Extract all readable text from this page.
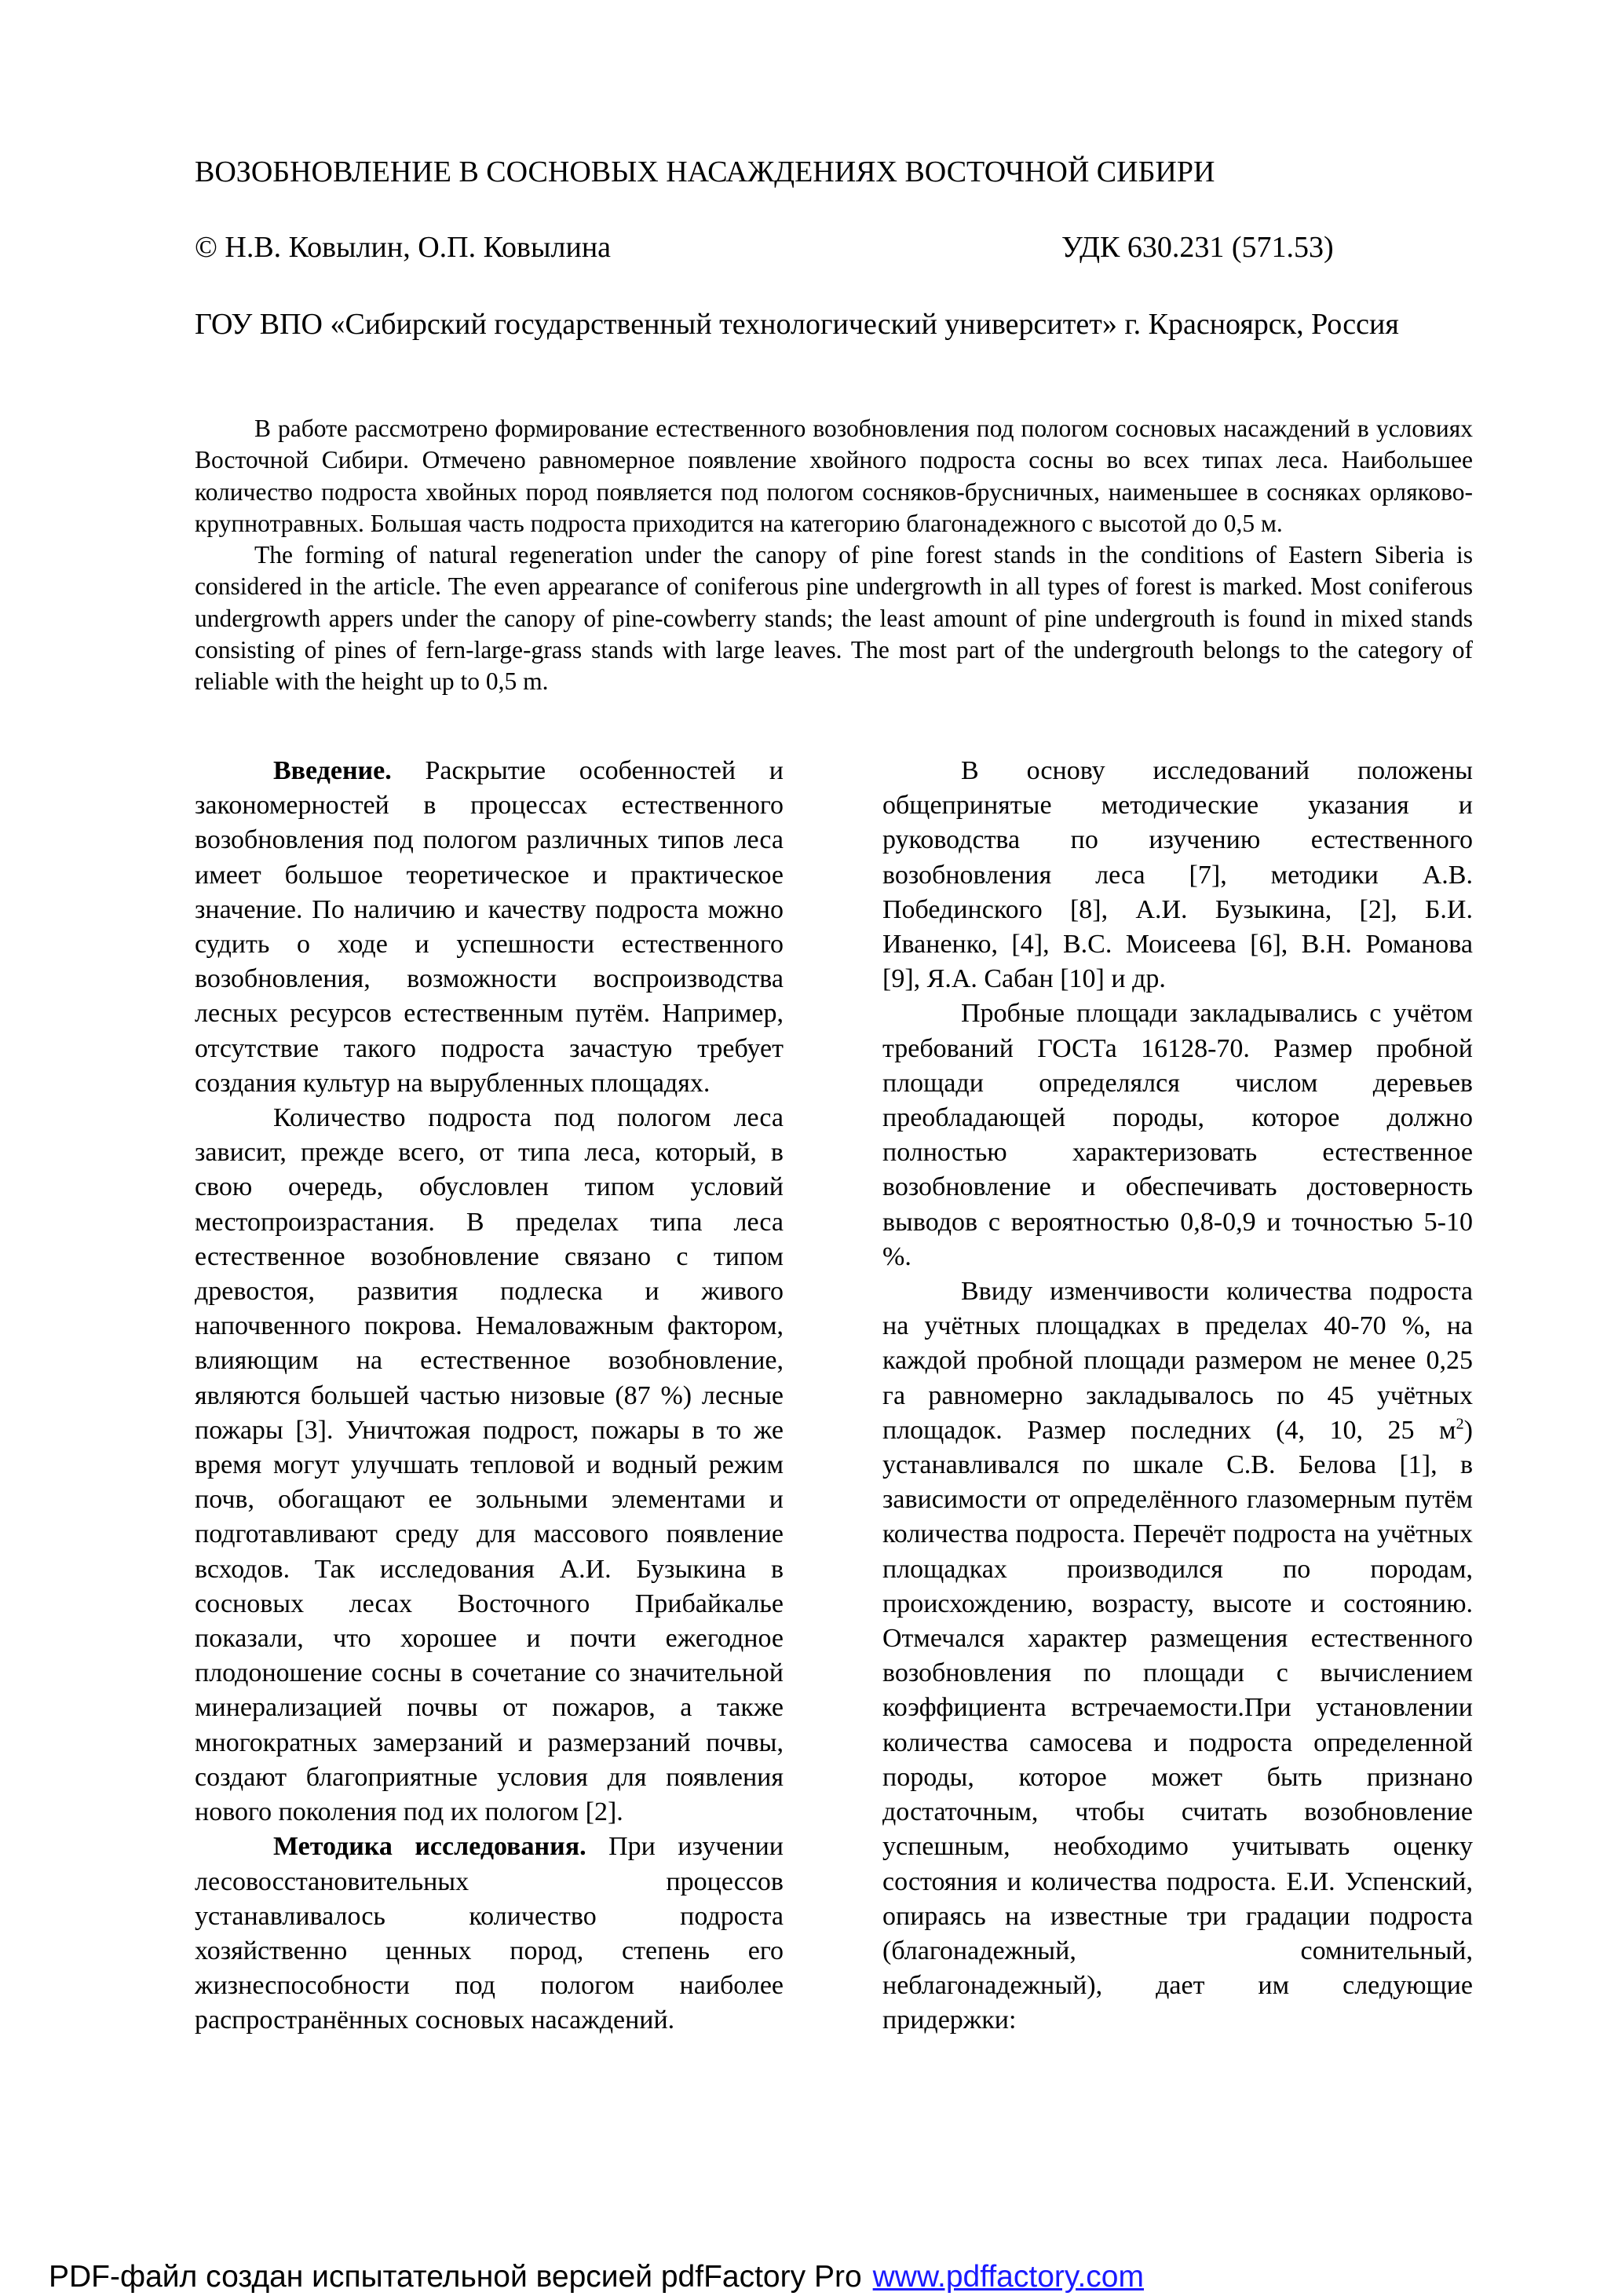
ВОЗОБНОВЛЕНИЕ В СОСНОВЫХ НАСАЖДЕНИЯХ ВОСТОЧНОЙ СИБИРИ
© Н.В. Ковылин, О.П. Ковылина	УДК 630.231 (571.53)
ГОУ ВПО «Сибирский государственный технологический университет» г. Красноярск, Россия

В работе рассмотрено формирование естественного возобновления под пологом сосновых насаждений в условиях Восточной Сибири. Отмечено равномерное появление хвойного подроста сосны во всех типах леса. Наибольшее количество подроста хвойных пород появляется под пологом сосняков-брусничных, наименьшее в сосняках орляково-крупнотравных. Большая часть подроста приходится на категорию благонадежного с высотой до 0,5 м.

The forming of natural regeneration under the canopy of pine forest stands in the conditions of Eastern Siberia is considered in the article. The even appearance of coniferous pine undergrowth in all types of forest is marked. Most coniferous undergrowth appers under the canopy of pine-cowberry stands; the least amount of pine undergrouth is found in mixed stands consisting of pines of fern-large-grass stands with large leaves. The most part of the undergrouth belongs to the category of reliable with the height up to 0,5 m.

Введение. Раскрытие особенностей и закономерностей в процессах естественного возобновления под пологом различных типов леса имеет большое теоретическое и практическое значение. По наличию и качеству подроста можно судить о ходе и успешности естественного возобновления, возможности воспроизводства лесных ресурсов естественным путём. Например, отсутствие такого подроста зачастую требует создания культур на вырубленных площадях.

Количество подроста под пологом леса зависит, прежде всего, от типа леса, который, в свою очередь, обусловлен типом условий местопроизрастания. В пределах типа леса естественное возобновление связано с типом древостоя, развития подлеска и живого напочвенного покрова. Немаловажным фактором, влияющим на естественное возобновление, являются большей частью низовые (87 %) лесные пожары [3]. Уничтожая подрост, пожары в то же время могут улучшать тепловой и водный режим почв, обогащают ее зольными элементами и подготавливают среду для массового появление всходов. Так исследования А.И. Бузыкина в сосновых лесах Восточного Прибайкалье показали, что хорошее и почти ежегодное плодоношение сосны в сочетание со значительной минерализацией почвы от пожаров, а также многократных замерзаний и размерзаний почвы, создают благоприятные условия для появления нового поколения под их пологом [2].

Методика исследования. При изучении лесовосстановительных процессов устанавливалось количество подроста хозяйственно ценных пород, степень его жизнеспособности под пологом наиболее распространённых сосновых насаждений.

В основу исследований положены общепринятые методические указания и руководства по изучению естественного возобновления леса [7], методики А.В. Побединского [8], А.И. Бузыкина, [2], Б.И. Иваненко, [4], В.С. Моисеева [6], В.Н. Романова [9], Я.А. Сабан [10] и др.

Пробные площади закладывались с учётом требований ГОСТа 16128-70. Размер пробной площади определялся числом деревьев преобладающей породы, которое должно полностью характеризовать естественное возобновление и обеспечивать достоверность выводов с вероятностью 0,8-0,9 и точностью 5-10 %.

Ввиду изменчивости количества подроста на учётных площадках в пределах 40-70 %, на каждой пробной площади размером не менее 0,25 га равномерно закладывалось по 45 учётных площадок. Размер последних (4, 10, 25 $м^2$) устанавливался по шкале С.В. Белова [1], в зависимости от определённого глазомерным путём количества подроста. Перечёт подроста на учётных площадках производился по породам, происхождению, возрасту, высоте и состоянию. Отмечался характер размещения естественного возобновления по площади с вычислением коэффициента встречаемости.При установлении количества самосева и подроста определенной породы, которое может быть признано достаточным, чтобы считать возобновление успешным, необходимо учитывать оценку состояния и количества подроста. Е.И. Успенский, опираясь на известные три градации подроста (благонадежный, сомнительный, неблагонадежный), дает им следующие придержки:

PDF-файл создан испытательной версией pdfFactory Pro www.pdffactory.com
